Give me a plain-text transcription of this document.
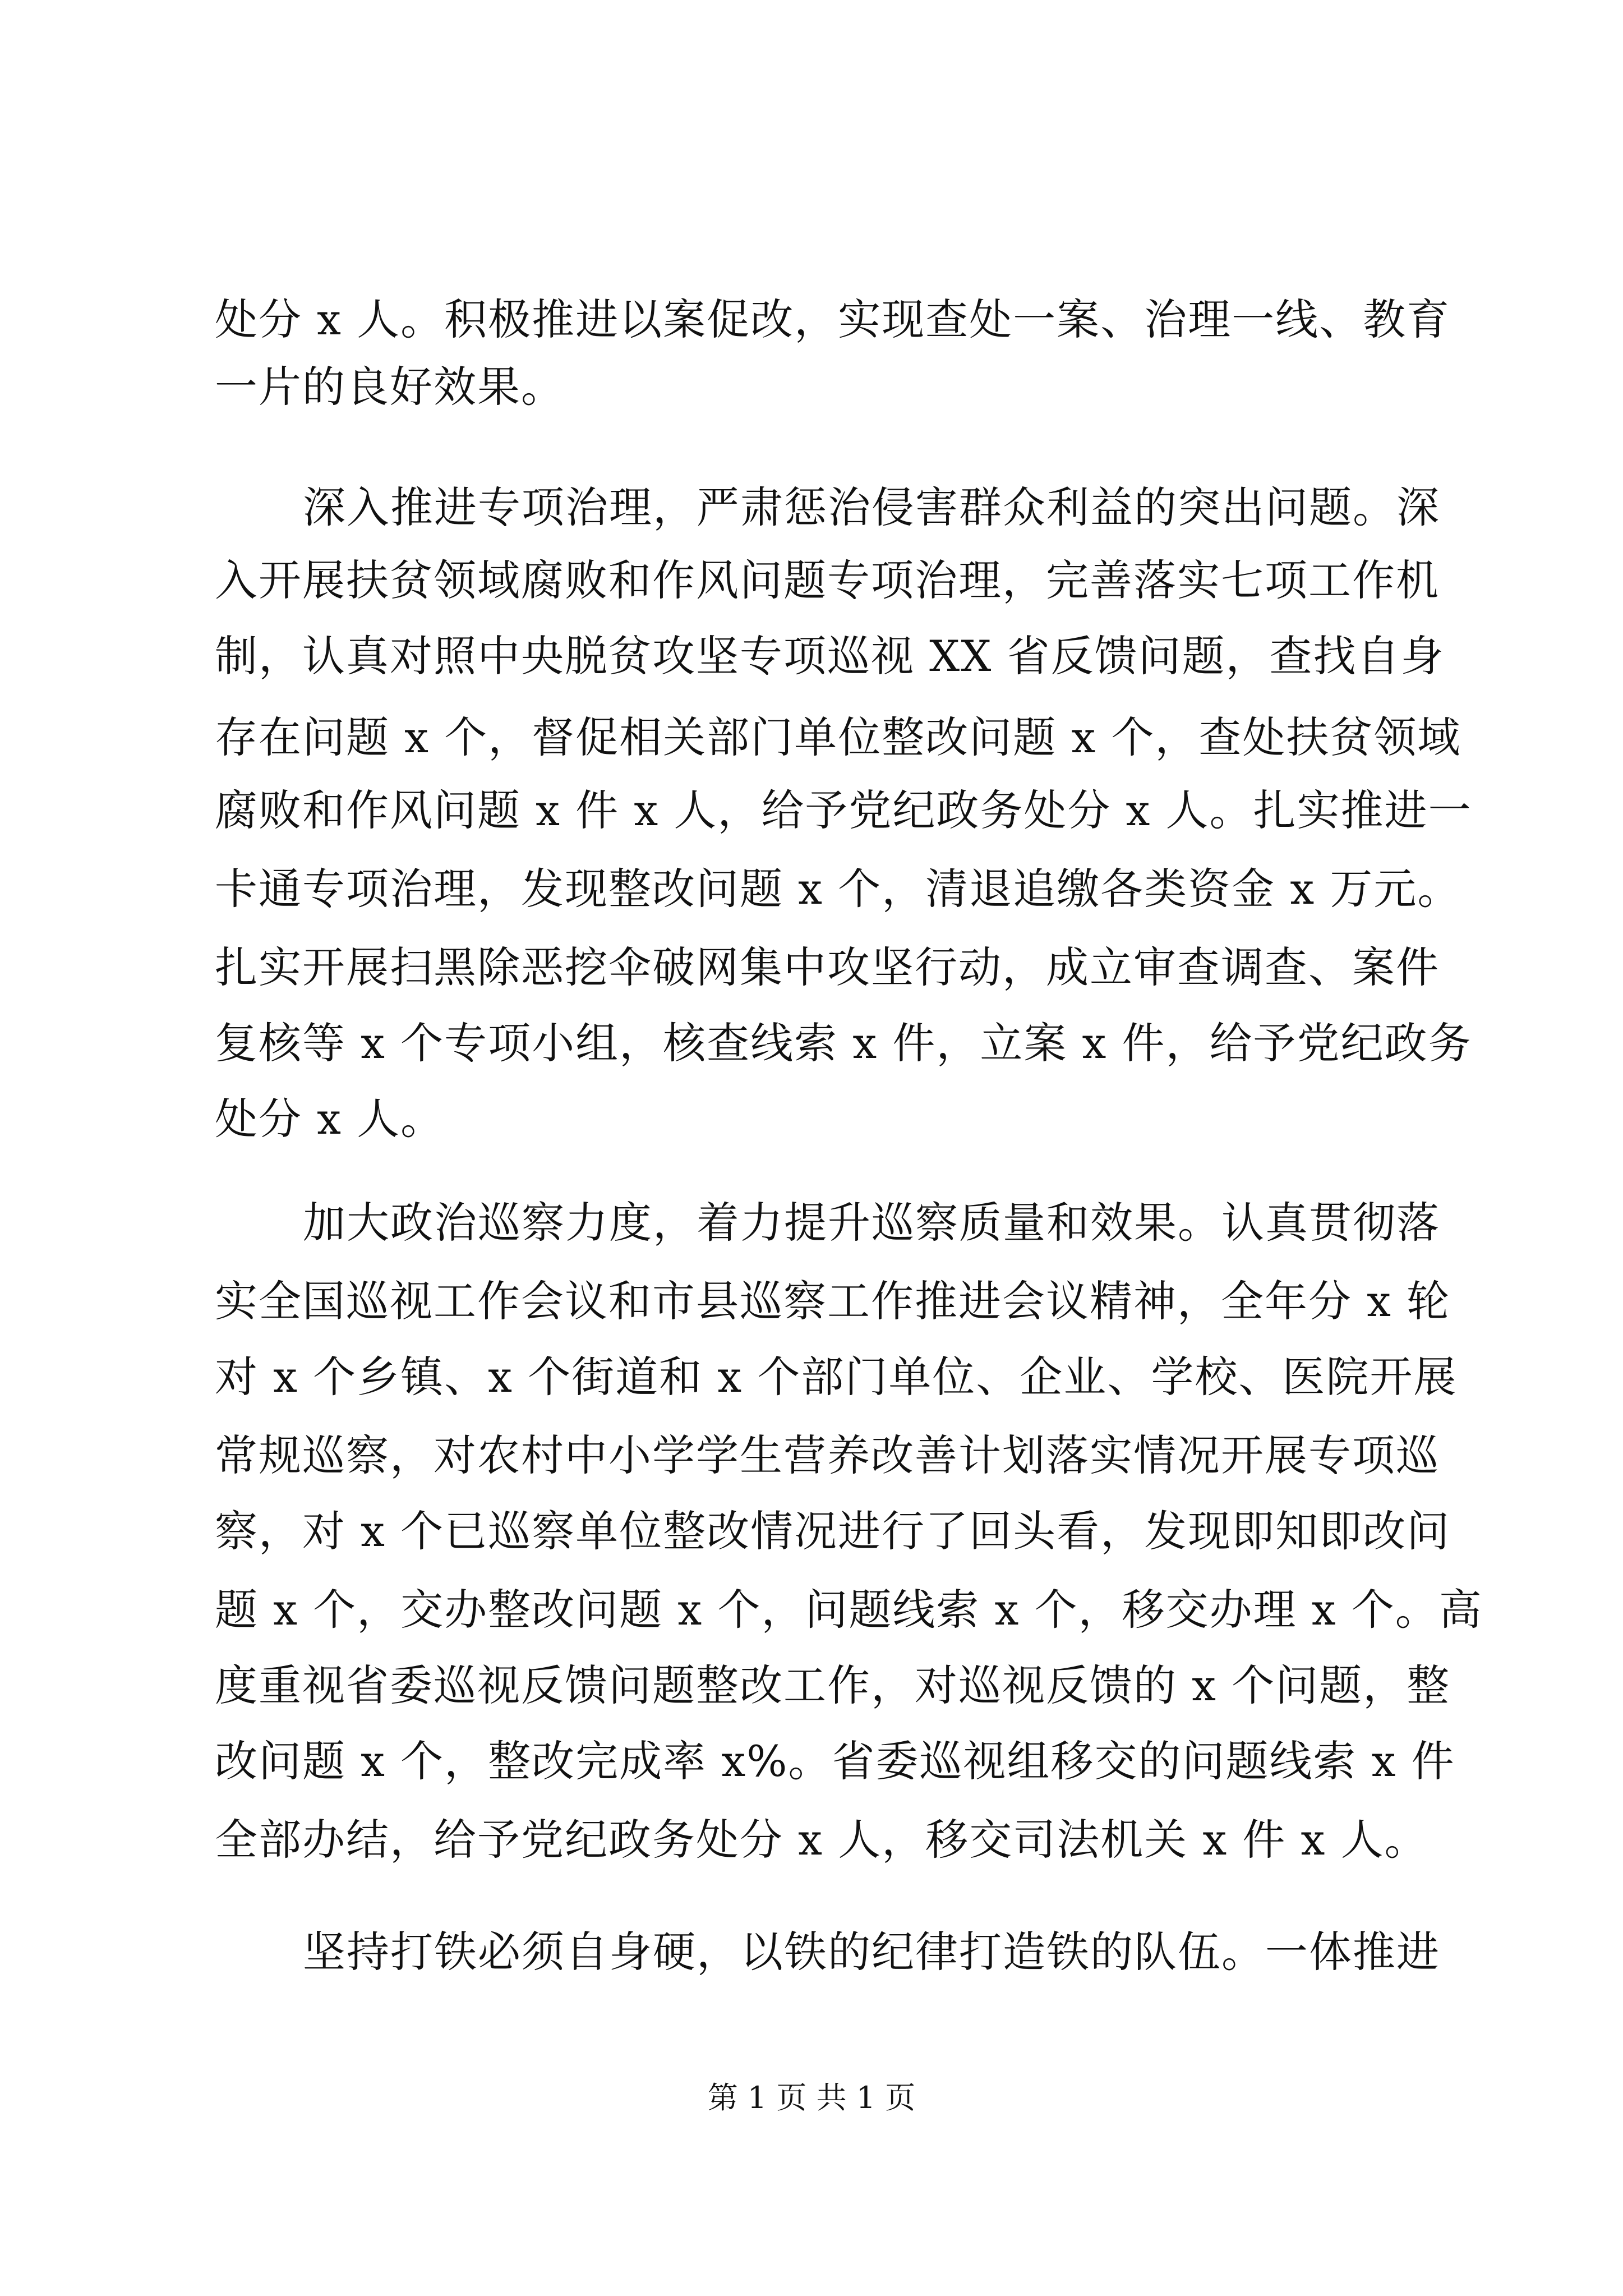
处分 x 人。积极推进以案促改，实现查处一案、治理一线、教育
一片的良好效果。
深入推进专项治理，严肃惩治侵害群众利益的突出问题。深
入开展扶贫领域腐败和作风问题专项治理，完善落实七项工作机
制，认真对照中央脱贫攻坚专项巡视 XX 省反馈问题，查找自身
存在问题 x 个，督促相关部门单位整改问题 x 个，查处扶贫领域
腐败和作风问题 x 件 x 人，给予党纪政务处分 x 人。扎实推进一
卡通专项治理，发现整改问题 x 个，清退追缴各类资金 x 万元。
扎实开展扫黑除恶挖伞破网集中攻坚行动，成立审查调查、案件
复核等 x 个专项小组，核查线索 x 件，立案 x 件，给予党纪政务
处分 x 人。
加大政治巡察力度，着力提升巡察质量和效果。认真贯彻落
实全国巡视工作会议和市县巡察工作推进会议精神，全年分 x 轮
对 x 个乡镇、x 个街道和 x 个部门单位、企业、学校、医院开展
常规巡察，对农村中小学学生营养改善计划落实情况开展专项巡
察，对 x 个已巡察单位整改情况进行了回头看，发现即知即改问
题 x 个，交办整改问题 x 个，问题线索 x 个，移交办理 x 个。高
度重视省委巡视反馈问题整改工作，对巡视反馈的 x 个问题，整
改问题 x 个，整改完成率 x%。省委巡视组移交的问题线索 x 件
全部办结，给予党纪政务处分 x 人，移交司法机关 x 件 x 人。
坚持打铁必须自身硬，以铁的纪律打造铁的队伍。一体推进
第 1 页 共 1 页
